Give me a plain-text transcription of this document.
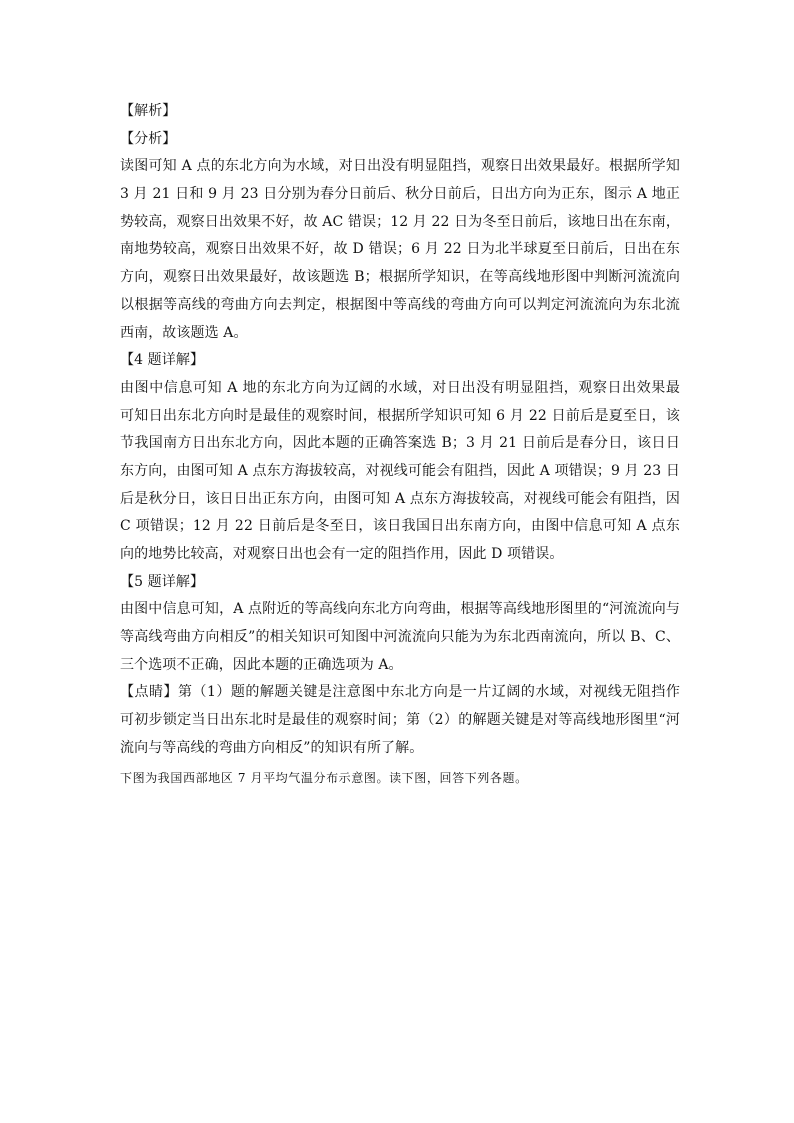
【解析】
【分析】
读图可知 A 点的东北方向为水域，对日出没有明显阻挡，观察日出效果最好。根据所学知
3 月 21 日和 9 月 23 日分别为春分日前后、秋分日前后，日出方向为正东，图示 A 地正
势较高，观察日出效果不好，故 AC 错误；12 月 22 日为冬至日前后，该地日出在东南，
南地势较高，观察日出效果不好，故 D 错误；6 月 22 日为北半球夏至日前后，日出在东
方向，观察日出效果最好，故该题选 B；根据所学知识，在等高线地形图中判断河流流向
以根据等高线的弯曲方向去判定，根据图中等高线的弯曲方向可以判定河流流向为东北流
西南，故该题选 A。
【4 题详解】
由图中信息可知 A 地的东北方向为辽阔的水域，对日出没有明显阻挡，观察日出效果最
可知日出东北方向时是最佳的观察时间，根据所学知识可知 6 月 22 日前后是夏至日，该
节我国南方日出东北方向，因此本题的正确答案选 B；3 月 21 日前后是春分日，该日日
东方向，由图可知 A 点东方海拔较高，对视线可能会有阻挡，因此 A 项错误；9 月 23 日
后是秋分日，该日日出正东方向，由图可知 A 点东方海拔较高，对视线可能会有阻挡，因
C 项错误；12 月 22 日前后是冬至日，该日我国日出东南方向，由图中信息可知 A 点东
向的地势比较高，对观察日出也会有一定的阻挡作用，因此 D 项错误。
【5 题详解】
由图中信息可知，A 点附近的等高线向东北方向弯曲，根据等高线地形图里的“河流流向与
等高线弯曲方向相反”的相关知识可知图中河流流向只能为为东北西南流向，所以 B、C、
三个选项不正确，因此本题的正确选项为 A。
【点睛】第（1）题的解题关键是注意图中东北方向是一片辽阔的水域，对视线无阻挡作
可初步锁定当日出东北时是最佳的观察时间；第（2）的解题关键是对等高线地形图里“河
流向与等高线的弯曲方向相反”的知识有所了解。
下图为我国西部地区 7 月平均气温分布示意图。读下图，回答下列各题。
